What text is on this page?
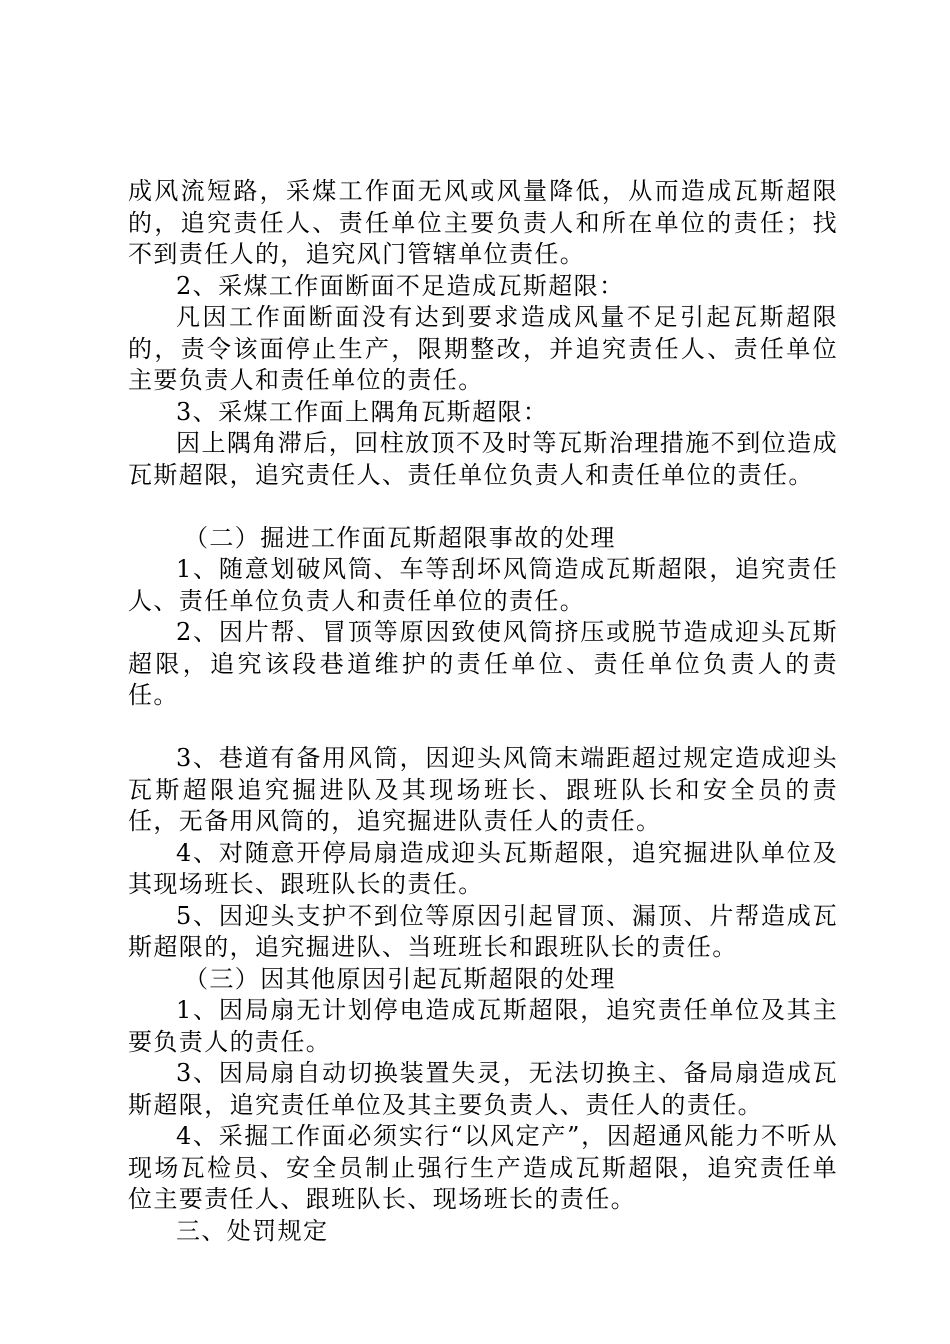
成风流短路，采煤工作面无风或风量降低，从而造成瓦斯超限的，追究责任人、责任单位主要负责人和所在单位的责任；找不到责任人的，追究风门管辖单位责任。

2、采煤工作面断面不足造成瓦斯超限：

凡因工作面断面没有达到要求造成风量不足引起瓦斯超限的，责令该面停止生产，限期整改，并追究责任人、责任单位主要负责人和责任单位的责任。

3、采煤工作面上隅角瓦斯超限：

因上隅角滞后，回柱放顶不及时等瓦斯治理措施不到位造成瓦斯超限，追究责任人、责任单位负责人和责任单位的责任。

（二）掘进工作面瓦斯超限事故的处理

1、随意划破风筒、车等刮坏风筒造成瓦斯超限，追究责任人、责任单位负责人和责任单位的责任。

2、因片帮、冒顶等原因致使风筒挤压或脱节造成迎头瓦斯超限，追究该段巷道维护的责任单位、责任单位负责人的责任。

3、巷道有备用风筒，因迎头风筒末端距超过规定造成迎头瓦斯超限追究掘进队及其现场班长、跟班队长和安全员的责任，无备用风筒的，追究掘进队责任人的责任。

4、对随意开停局扇造成迎头瓦斯超限，追究掘进队单位及其现场班长、跟班队长的责任。

5、因迎头支护不到位等原因引起冒顶、漏顶、片帮造成瓦斯超限的，追究掘进队、当班班长和跟班队长的责任。

（三）因其他原因引起瓦斯超限的处理

1、因局扇无计划停电造成瓦斯超限，追究责任单位及其主要负责人的责任。

3、因局扇自动切换装置失灵，无法切换主、备局扇造成瓦斯超限，追究责任单位及其主要负责人、责任人的责任。

4、采掘工作面必须实行“以风定产”，因超通风能力不听从现场瓦检员、安全员制止强行生产造成瓦斯超限，追究责任单位主要责任人、跟班队长、现场班长的责任。

三、处罚规定
